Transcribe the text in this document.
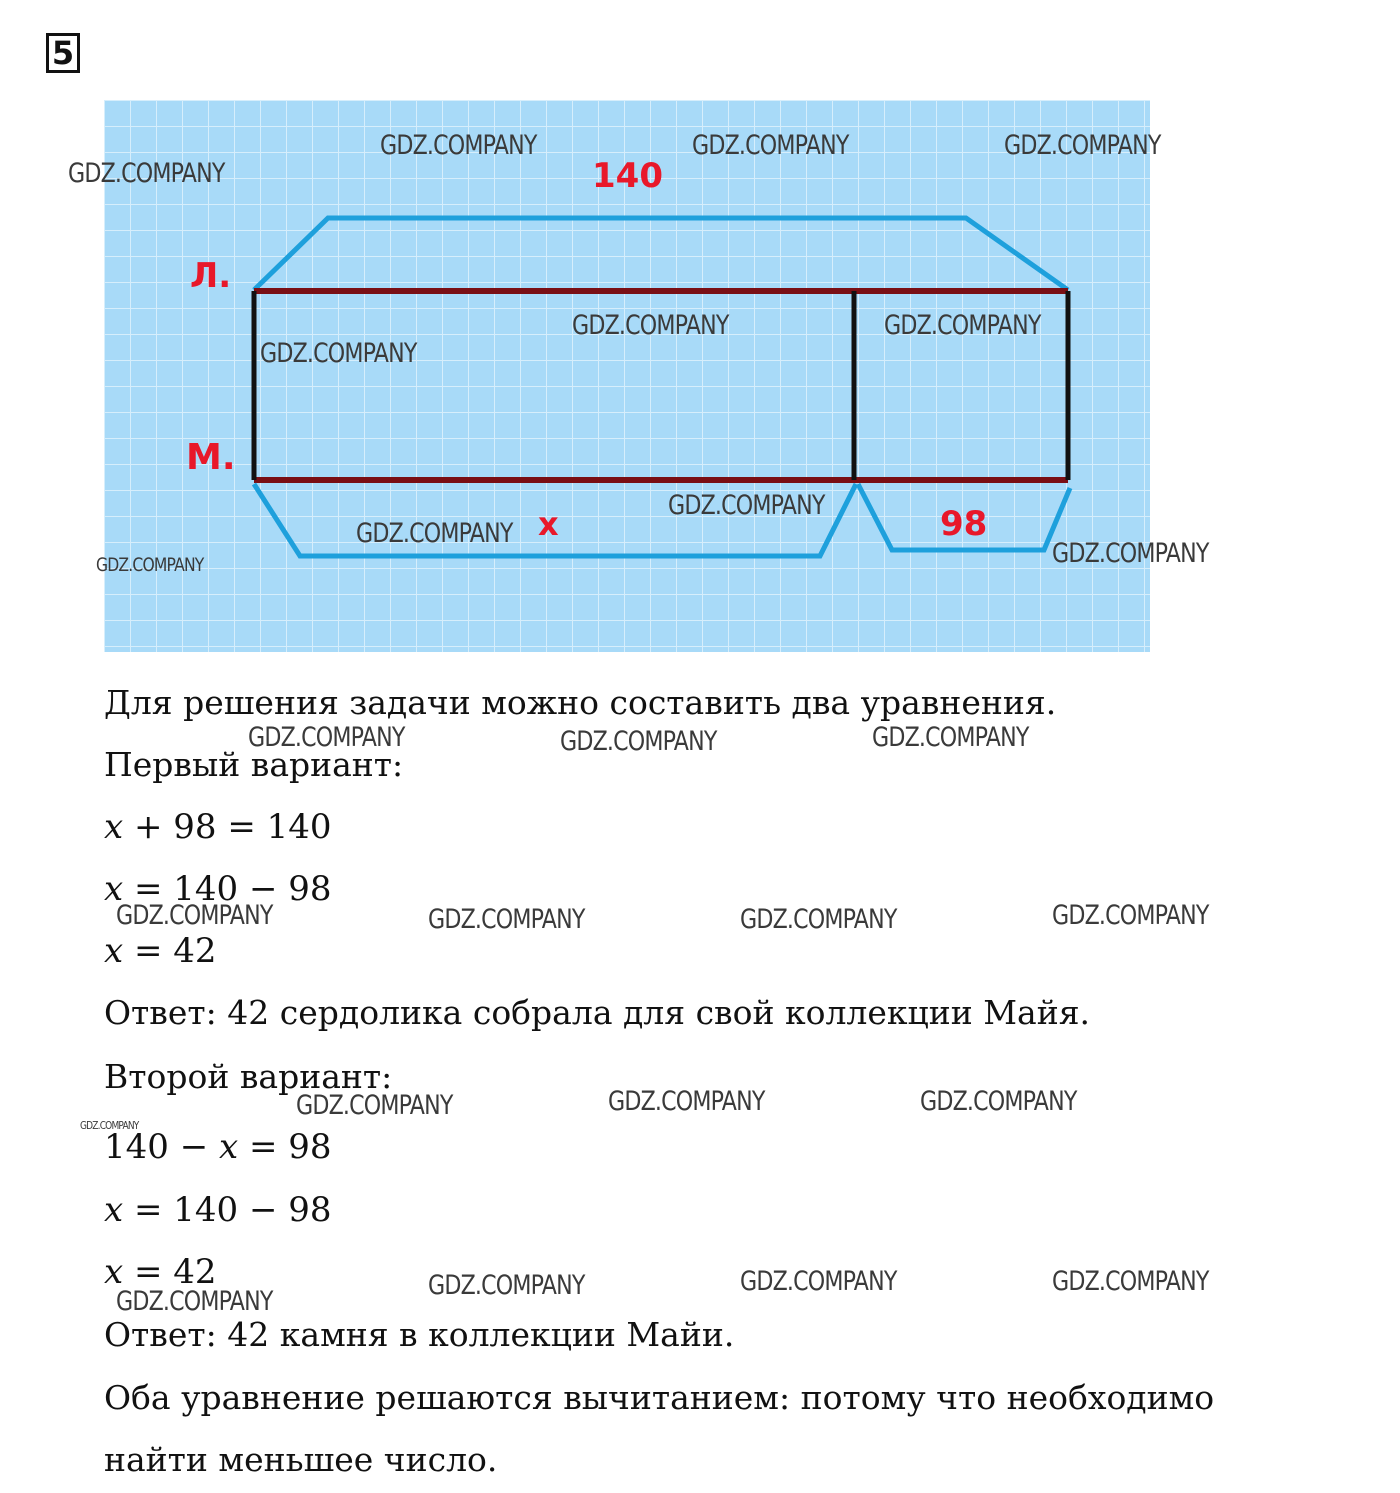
5
140
Л.
М.
x	98
Для решения задачи можно составить два уравнения.
Первый вариант:
x + 98 = 140
x = 140 − 98
x = 42
Ответ: 42 сердолика собрала для свой коллекции Майя.
Второй вариант:
140 − x = 98
x = 140 − 98
x = 42
Ответ: 42 камня в коллекции Майи.
Оба уравнение решаются вычитанием: потому что необходимо
найти меньшее число.
GDZ.COMPANY
GDZ.COMPANY	GDZ.COMPANY	GDZ.COMPANY
GDZ.COMPANY	GDZ.COMPANY
GDZ.COMPANY
GDZ.COMPANY
GDZ.COMPANY
GDZ.COMPANY
GDZ.COMPANY
GDZ.COMPANY	GDZ.COMPANY	GDZ.COMPANY
GDZ.COMPANY	GDZ.COMPANY	GDZ.COMPANY	GDZ.COMPANY
GDZ.COMPANY	GDZ.COMPANY	GDZ.COMPANY
GDZ.COMPANY
GDZ.COMPANY
GDZ.COMPANY	GDZ.COMPANY	GDZ.COMPANY
